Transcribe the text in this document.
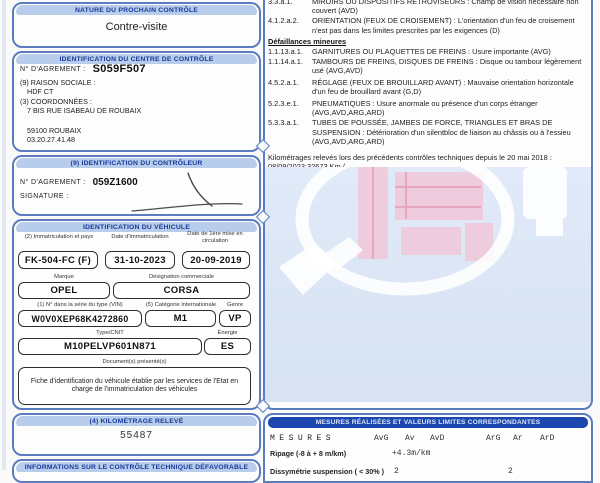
3.3.a.1.	MIROIRS OU DISPOSITIFS RETROVISEURS : Champ de vision nécessaire non couvert (AVD)
4.1.2.a.2. ORIENTATION (FEUX DE CROISEMENT) : L'orientation d'un feu de croisement n'est pas dans les limites prescrites par les exigences (D)
Défaillances mineures
1.1.13.a.1. GARNITURES OU PLAQUETTES DE FREINS : Usure importante (AVG)
1.1.14.a.1. TAMBOURS DE FREINS, DISQUES DE FREINS : Disque ou tambour légèrement usé (AVG,AVD)
4.5.2.a.1. RÉGLAGE (FEUX DE BROUILLARD AVANT) : Mauvaise orientation horizontale d'un feu de brouillard avant (G,D)
5.2.3.e.1. PNEUMATIQUES : Usure anormale ou présence d'un corps étranger (AVG,AVD,ARG,ARD)
5.3.3.a.1. TUBES DE POUSSÉE, JAMBES DE FORCE, TRIANGLES ET BRAS DE SUSPENSION : Détérioration d'un silentbloc de liaison au châssis ou à l'essieu (AVG,AVD,ARG,ARD)
Kilométrages relevés lors des précédents contrôles techniques depuis le 20 mai 2018 :
MESURES RÉALISÉES ET VALEURS LIMITES CORRESPONDANTES
MESURES	AvG Av AvD	ArG Ar ArD
Ripage (-8 à + 8 m/km)	+4.3m/km
Dissymétrie suspension ( < 30% ) 2	2
NATURE DU PROCHAIN CONTRÔLE
Contre-visite
IDENTIFICATION DU CENTRE DE CONTRÔLE
N° D'AGREMENT : S059F507
(9) RAISON SOCIALE :
HDF CT
(3) COORDONNÉES :
7 BIS RUE ISABEAU DE ROUBAIX
59100 ROUBAIX
03.20.27.41.48
(9) IDENTIFICATION DU CONTRÔLEUR
N° D'AGREMENT : 059Z1600
SIGNATURE :
IDENTIFICATION DU VÉHICULE
(2) Immatriculation et pays	Date d'immatriculation	Date de 1ère mise en circulation
FK-504-FC (F)	31-10-2023	20-09-2019
Marque	Désignation commerciale
OPEL	CORSA
(1) N° dans la série du type (VIN)	(5) Catégorie internationale	Genre
W0V0XEP68K4272860	M1	VP
Type/CNIT	Énergie
M10PELVP601N871	ES
Document(s) présenté(s)
Fiche d'identification du véhicule établie par les services de l'Etat en charge de l'immatriculation des véhicules
(4) KILOMÉTRAGE RELEVÉ
55487
INFORMATIONS SUR LE CONTRÔLE TECHNIQUE DÉFAVORABLE
